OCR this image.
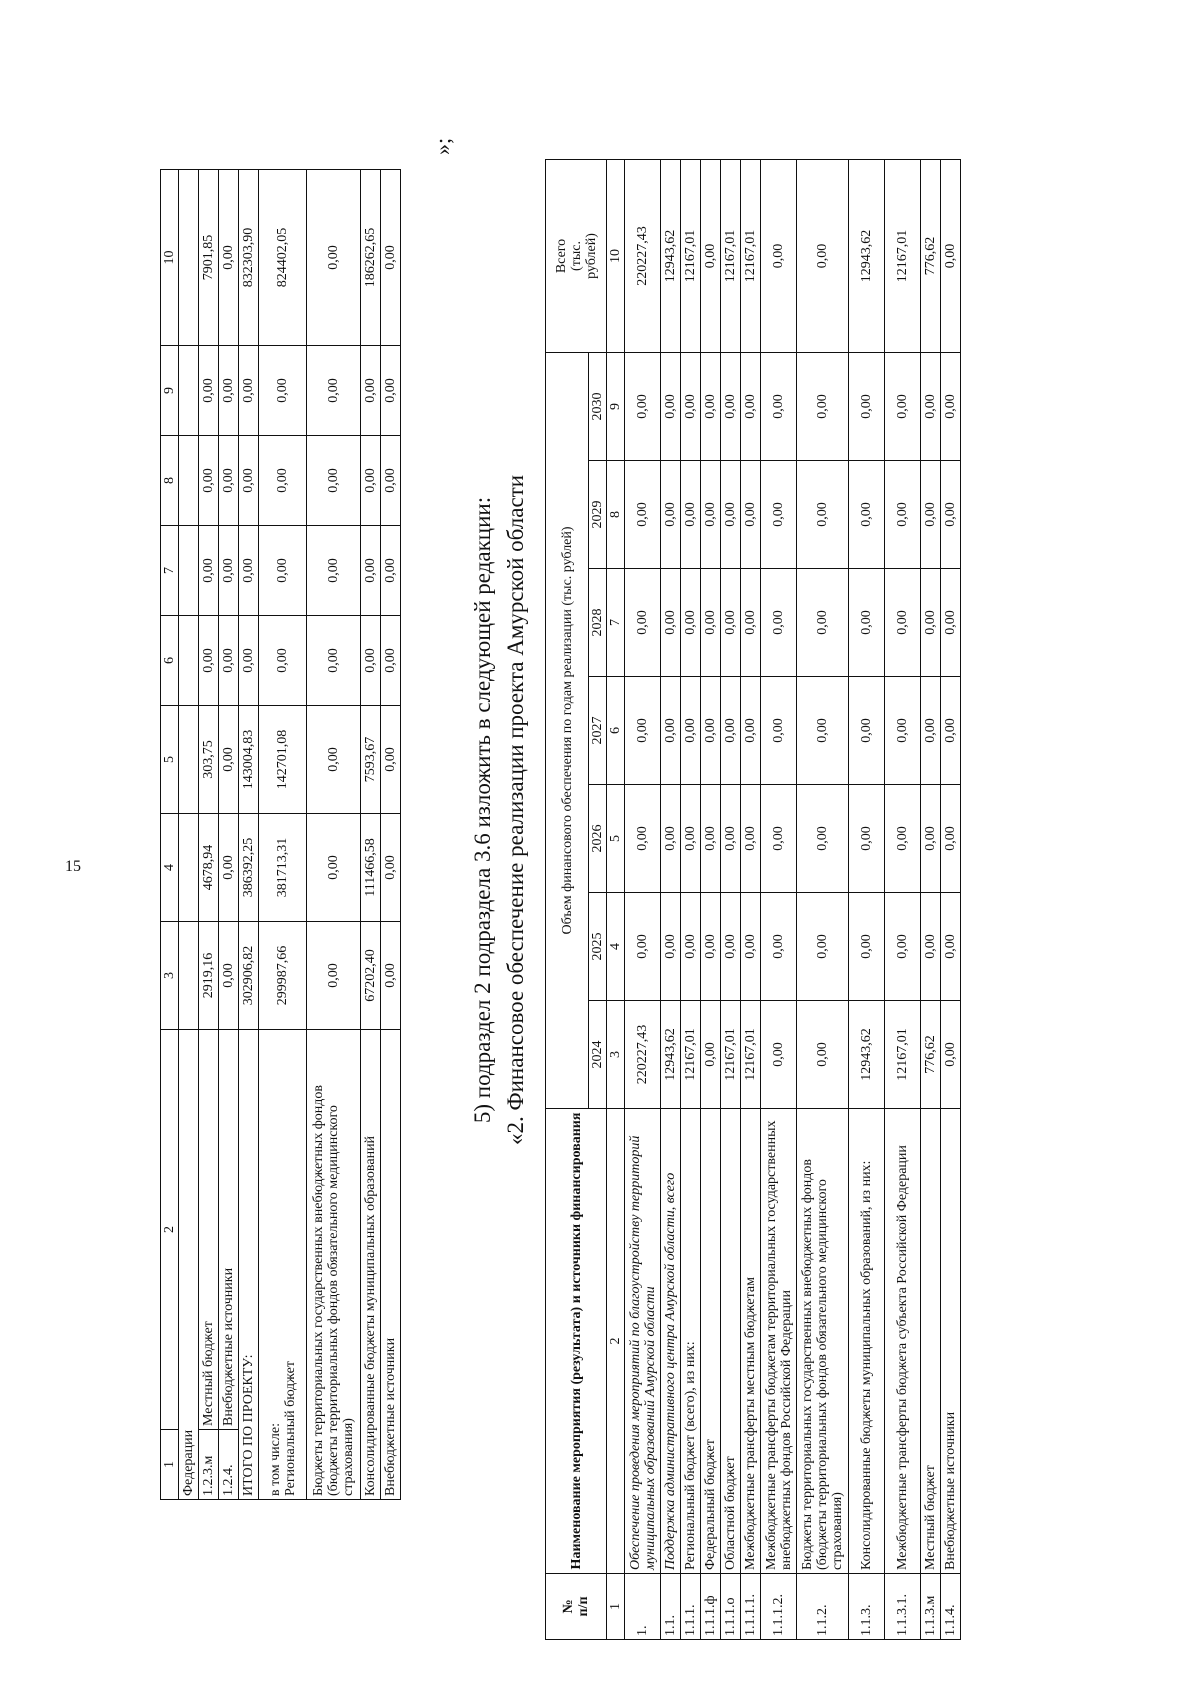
15
1	2	3	4	5	6	7	8	9	10
Федерации									
1.2.3.м	Местный бюджет	2919,16	4678,94	303,75	0,00	0,00	0,00	0,00	7901,85
1.2.4.	Внебюджетные источники	0,00	0,00	0,00	0,00	0,00	0,00	0,00	0,00
ИТОГО ПО ПРОЕКТУ:		302906,82	386392,25	143004,83	0,00	0,00	0,00	0,00	832303,90
в том числе:
Региональный бюджет		299987,66	381713,31	142701,08	0,00	0,00	0,00	0,00	824402,05
Бюджеты территориальных государственных внебюджетных фондов (бюджеты территориальных фондов обязательного медицинского страхования)		0,00	0,00	0,00	0,00	0,00	0,00	0,00	0,00
Консолидированные бюджеты муниципальных образований		67202,40	111466,58	7593,67	0,00	0,00	0,00	0,00	186262,65
Внебюджетные источники		0,00	0,00	0,00	0,00	0,00	0,00	0,00	0,00
»;
5) подраздел 2 подраздела 3.6 изложить в следующей редакции: «2. Финансовое обеспечение реализации проекта Амурской области
№
п/п	Наименование мероприятия (результата) и источники финансирования	Объем финансового обеспечения по годам реализации (тыс. рублей)							Всего
(тыс.
рублей)
		2024	2025	2026	2027	2028	2029	2030	
1	2	3	4	5	6	7	8	9	10
1.	Обеспечение проведения мероприятий по благоустройству территорий муниципальных образований Амурской области	220227,43	0,00	0,00	0,00	0,00	0,00	0,00	220227,43
1.1.	Поддержка административного центра Амурской области, всего	12943,62	0,00	0,00	0,00	0,00	0,00	0,00	12943,62
1.1.1.	Региональный бюджет (всего), из них:	12167,01	0,00	0,00	0,00	0,00	0,00	0,00	12167,01
1.1.1.ф	Федеральный бюджет	0,00	0,00	0,00	0,00	0,00	0,00	0,00	0,00
1.1.1.о	Областной бюджет	12167,01	0,00	0,00	0,00	0,00	0,00	0,00	12167,01
1.1.1.1.	Межбюджетные трансферты местным бюджетам	12167,01	0,00	0,00	0,00	0,00	0,00	0,00	12167,01
1.1.1.2.	Межбюджетные трансферты бюджетам территориальных государственных внебюджетных фондов Российской Федерации	0,00	0,00	0,00	0,00	0,00	0,00	0,00	0,00
1.1.2.	Бюджеты территориальных государственных внебюджетных фондов (бюджеты территориальных фондов обязательного медицинского страхования)	0,00	0,00	0,00	0,00	0,00	0,00	0,00	0,00
1.1.3.	Консолидированные бюджеты муниципальных образований, из них:	12943,62	0,00	0,00	0,00	0,00	0,00	0,00	12943,62
1.1.3.1.	Межбюджетные трансферты бюджета субъекта Российской Федерации	12167,01	0,00	0,00	0,00	0,00	0,00	0,00	12167,01
1.1.3.м	Местный бюджет	776,62	0,00	0,00	0,00	0,00	0,00	0,00	776,62
1.1.4.	Внебюджетные источники	0,00	0,00	0,00	0,00	0,00	0,00	0,00	0,00
